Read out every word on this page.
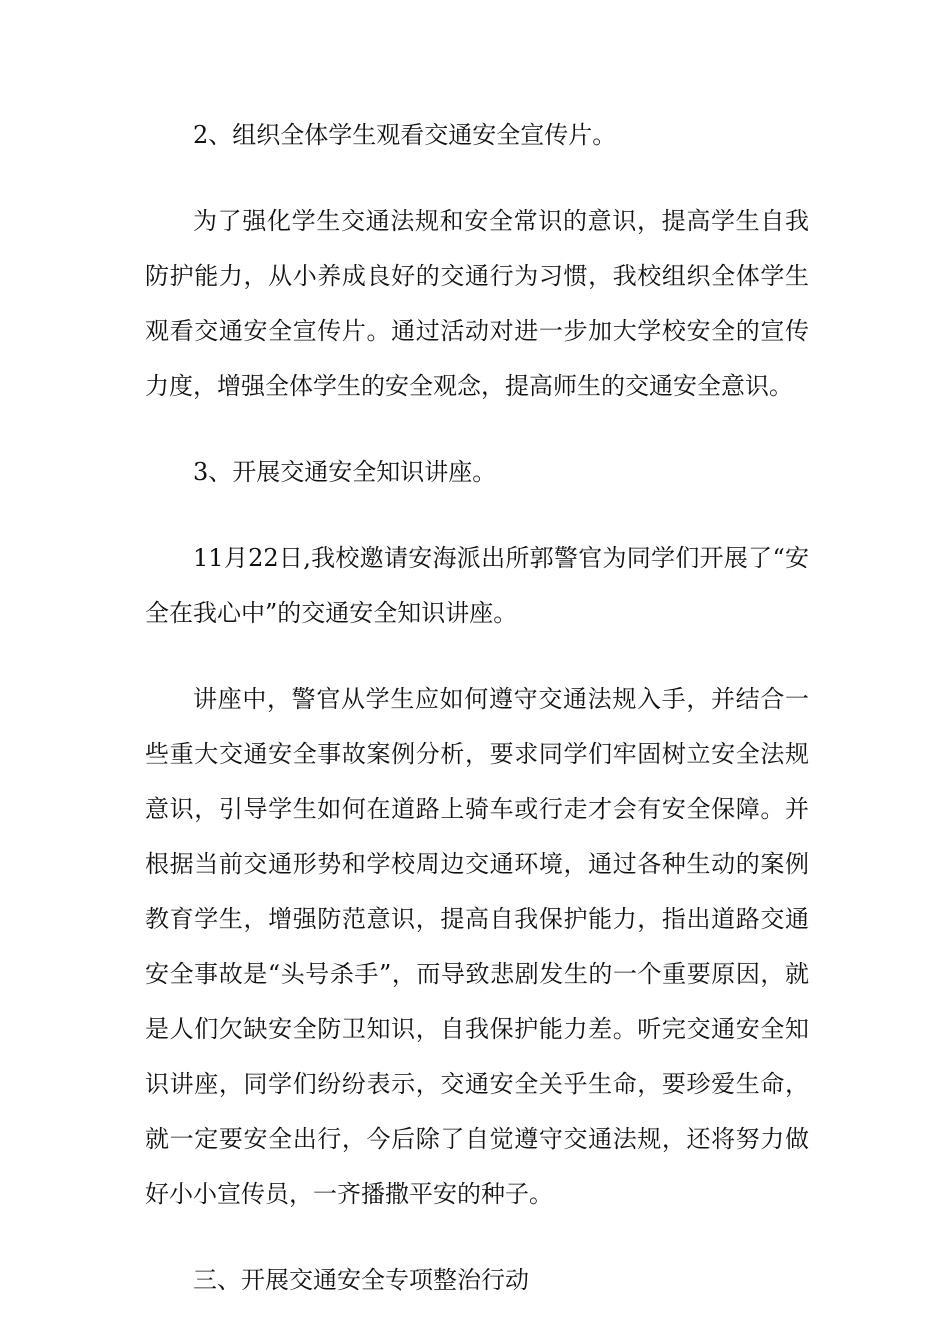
2、组织全体学生观看交通安全宣传片。

为了强化学生交通法规和安全常识的意识，提高学生自我防护能力，从小养成良好的交通行为习惯，我校组织全体学生观看交通安全宣传片。通过活动对进一步加大学校安全的宣传力度，增强全体学生的安全观念，提高师生的交通安全意识。

3、开展交通安全知识讲座。

11月22日,我校邀请安海派出所郭警官为同学们开展了“安全在我心中”的交通安全知识讲座。

讲座中，警官从学生应如何遵守交通法规入手，并结合一些重大交通安全事故案例分析，要求同学们牢固树立安全法规意识，引导学生如何在道路上骑车或行走才会有安全保障。并根据当前交通形势和学校周边交通环境，通过各种生动的案例教育学生，增强防范意识，提高自我保护能力，指出道路交通安全事故是“头号杀手”，而导致悲剧发生的一个重要原因，就是人们欠缺安全防卫知识，自我保护能力差。听完交通安全知识讲座，同学们纷纷表示，交通安全关乎生命，要珍爱生命，就一定要安全出行，今后除了自觉遵守交通法规，还将努力做好小小宣传员，一齐播撒平安的种子。

三、开展交通安全专项整治行动
